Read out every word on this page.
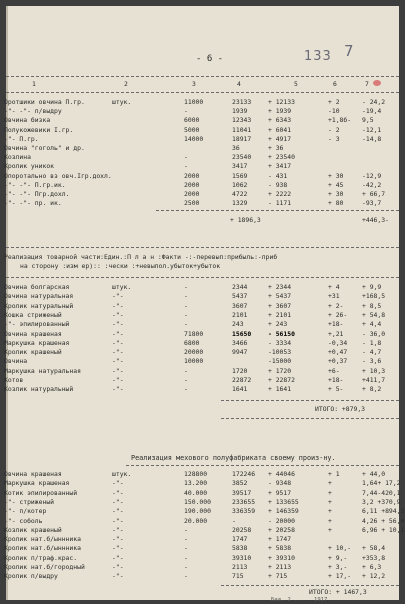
- 6 -	133 7
1	2	3	4	5	6	7
Оротшики овчина П.гр.	штук.	11000	23133	+ 12133	+ 2	- 24,2
-"- -"- п/выдру	-	1939	+ 1939	-10	-19,4
Овчина бизка	6000	12343	+ 6343	+1,8б- 9,5
Полукожевики I.гр.	5000	11041	+ 6041	- 2	-12,1
-"- П.гр.	14000	18917	+ 4917	- 3	-14,8
Овчина "гоголь" и др.	36	+ 36
Козлина	-	23540	+ 23540
Кролик уникок	-	3417	+ 3417
Опоротально вз овч.Iгр.дохл.	2000	1569	- 431	+ 30	-12,9
-"- -"- П.гр.ик.	2000	1062	- 938	+ 45	-42,2
-"- -"- Пгр.дохл.	2000	4722	+ 2222	+ 30	+ 66,7
-"- -"- пр. ик.	2500	1329	- 1171	+ 80	-93,7
+ 1896,3	+446,3-
Реализация товарной части:Един.:П л а н :Факти -:-перевып:прибыль:-приб
на сторону :изм ер):: :чески :+невыпол.убыток+убыток
Овчина болгарская	штук.	-	2344	+ 2344	+ 4	+ 9,9
Овчина натуральная	-"-	-	5437	+ 5437	+31	+168,5
Кролик натуральный	-"-	-	3607	+ 3607	+ 2-	+ 8,5
Кошка стриженый	-"-	-	2101	+ 2101	+ 26- + 54,8
-"- эпилированный	-"-	-	243	+ 243	+18-	+ 4,4
Овчина крашеная	-"-	71800	15650	- 56150	+,21	- 36,0
Маркушка крашеная	-"-	6800	3466	- 3334	-0,34 - 1,8
Кролик крашеный	-"-	20000	9947	-10053	+0,47 - 4,7
Овчина	-"-	10000	-15000	+0,37 - 3,6
Маркушка натуральная	-"-	-	1720	+ 1720	+6-	+ 10,3
Котов	-"-	-	22872	+ 22872	+18-	+411,7
Козлик натуральный	-"-	-	1641	+ 1641	+ 5-	+ 8,2
ИТОГО: +879,3
Реализация мехового полуфабриката своему произ-ну.
Овчина крашеная	штук.	128800	172246 + 44046	+ 1	+ 44,0
Маркушка крашеная	-"-	13.200	3852	- 9348	+	1,64+ 17,2
Котик эпилированный	-"-	40.000	39517	+ 9517	+	7,44-420,1
-"- стриженый	-"-	150.000	233655 + 133655	+	3,2 +370,9
-"- п/котер	-"-	190.000	336359 + 146359	+	6,11 +894,3
-"- соболь	-"-	20.000	-	- 20000	+	4,26 + 56,0
Козлик крашеный	-"-	-	20258	+ 20258	+	6,96 + 10,1
Кролик нат.б/ыннника	-"-	-	1747	+ 1747
Кролик нат.б/ыннника	-"-	-	5838	+ 5838	+ 10,- + 58,4
Кролик п/траф.крас.	-"-	-	39310	+ 39310	+ 9,- +353,8
Кролик нат.б/городный	-"-	-	2113	+ 2113	+ 3,- + 6,3
Кролик п/выдру	-"-	-	715	+ 715	+ 17,- + 12,2
ИТОГО: + 1467,3
Баш. 2 . . . 1917
